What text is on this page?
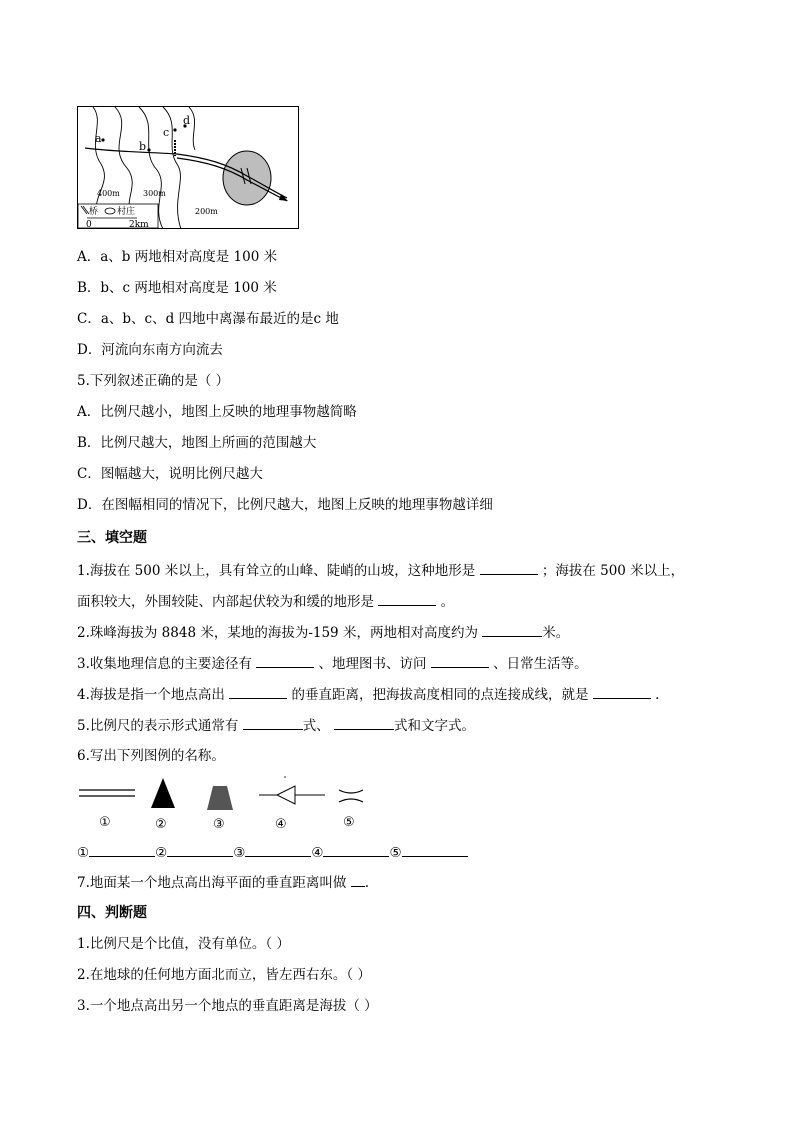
a
b
c
d
400m	300m
200m
桥 村庄
0	2km
A．a、b 两地相对高度是 100 米
B．b、c 两地相对高度是 100 米
C．a、b、c、d 四地中离瀑布最近的是c 地
D．河流向东南方向流去
5.下列叙述正确的是（ ）
A．比例尺越小，地图上反映的地理事物越简略
B．比例尺越大，地图上所画的范围越大
C．图幅越大，说明比例尺越大
D．在图幅相同的情况下，比例尺越大，地图上反映的地理事物越详细
三、填空题
1.海拔在 500 米以上，具有耸立的山峰、陡峭的山坡，这种地形是	；海拔在 500 米以上，
面积较大，外围较陡、内部起伏较为和缓的地形是	。
2.珠峰海拔为 8848 米，某地的海拔为-159 米，两地相对高度约为	米。
3.收集地理信息的主要途径有	、地理图书、访问	、日常生活等。
4.海拔是指一个地点高出	的垂直距离，把海拔高度相同的点连接成线，就是	.
5.比例尺的表示形式通常有	式、	式和文字式。
6.写出下列图例的名称。
①	②	③	④	⑤
①	②	③	④	⑤
7.地面某一个地点高出海平面的垂直距离叫做 .
四、判断题
1.比例尺是个比值，没有单位。（ ）
2.在地球的任何地方面北而立，皆左西右东。（ ）
3.一个地点高出另一个地点的垂直距离是海拔（ ）
